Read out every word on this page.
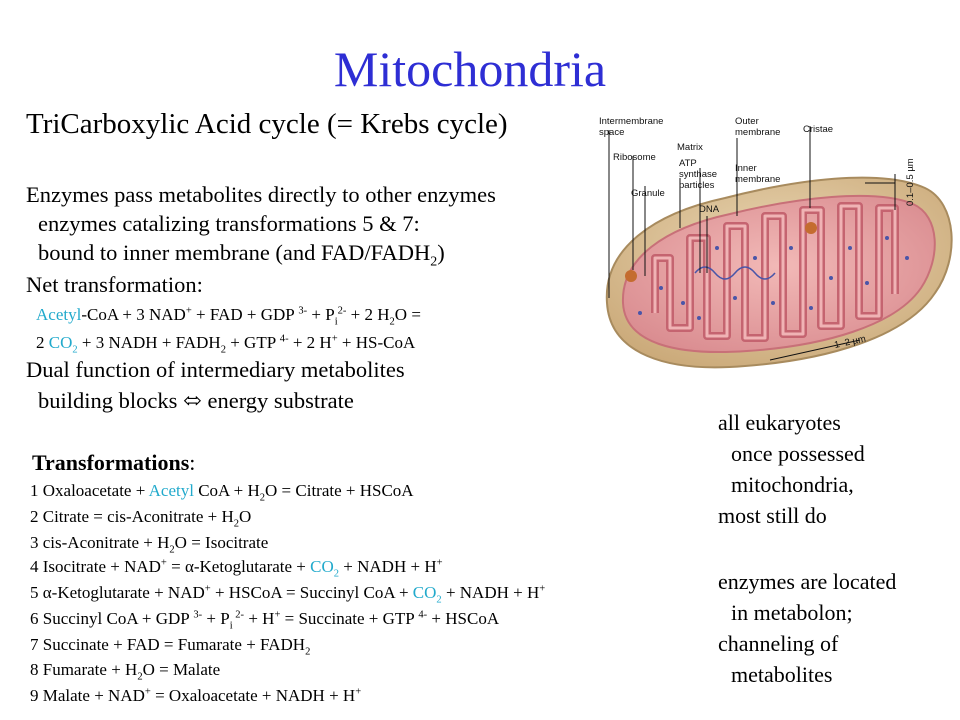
Mitochondria
TriCarboxylic Acid cycle (= Krebs cycle)
Enzymes pass metabolites directly to other enzymes
enzymes catalizing transformations 5 & 7:
bound to inner membrane (and FAD/$FADH_2$)
Net transformation:
Acetyl-CoA + 3 NAD+ + FAD + GDP $^{3-} + P_i^{2-} + 2$ $H_2O$ =
2 $CO_2 + 3$ NADH + $FADH_2$ + GTP $^{4-}$ + 2 H+ + HS-CoA
Dual function of intermediary metabolites
building blocks ⬄ energy substrate
Transformations:
1 Oxaloacetate + Acetyl CoA + $H_2O$ = Citrate + HSCoA
2 Citrate = cis-Aconitrate + $H_2O$
3 cis-Aconitrate + $H_2O$ = Isocitrate
4 Isocitrate + NAD+ = α-Ketoglutarate + $CO_2$ + NADH + H+
5 α-Ketoglutarate + NAD+ + HSCoA = Succinyl CoA + $CO_2$ + NADH + H+
6 Succinyl CoA + GDP $^{3-} + P_i$ $^{2-}$ + H+ = Succinate + GTP $^{4-}$ + HSCoA
7 Succinate + FAD = Fumarate + $FADH_2$
8 Fumarate + $H_2O$ = Malate
9 Malate + NAD+ = Oxaloacetate + NADH + H+
all eukaryotes
once possessed
mitochondria,
most still do
enzymes are located
in metabolon;
channeling of
metabolites
Intermembrane
space
Ribosome
Granule
Matrix
ATP
synthase
particles
DNA
Outer
membrane
Inner
membrane
Cristae
0.1–0.5 µm
1–2 µm
